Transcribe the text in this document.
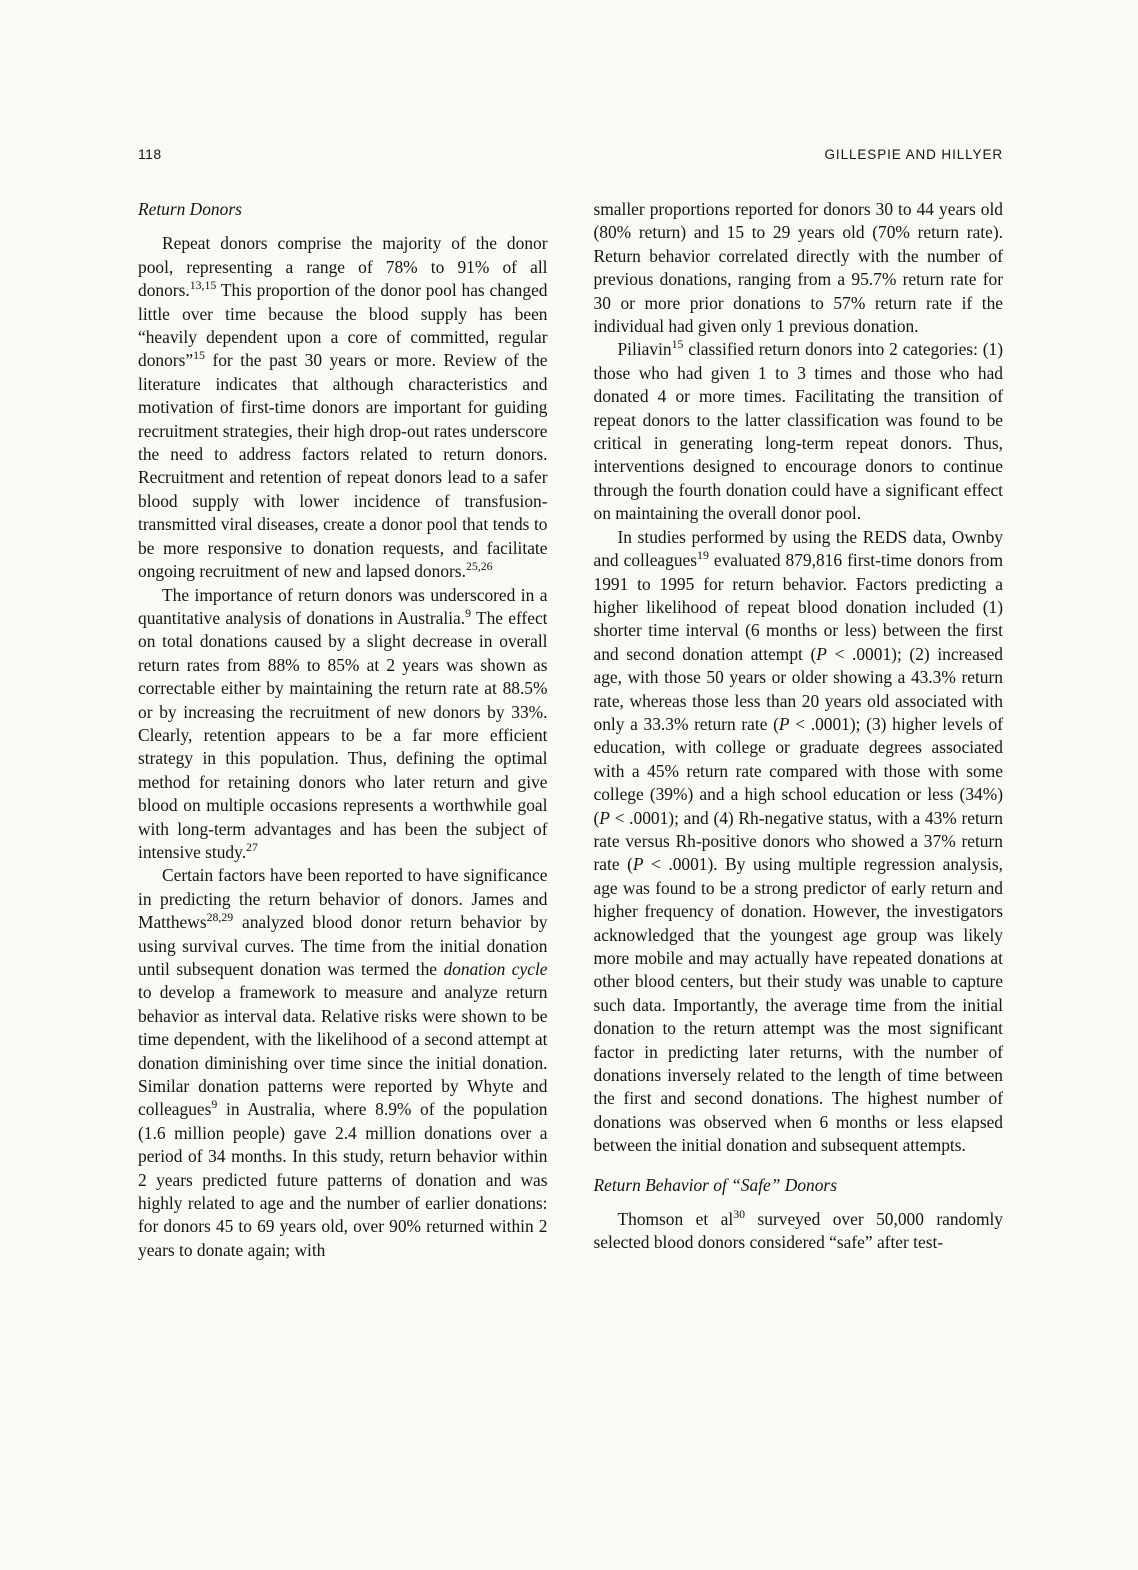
118	GILLESPIE AND HILLYER
Return Donors

Repeat donors comprise the majority of the donor pool, representing a range of 78% to 91% of all donors.$^{13,15}$ This proportion of the donor pool has changed little over time because the blood supply has been “heavily dependent upon a core of committed, regular donors”$^{15}$ for the past 30 years or more. Review of the literature indicates that although characteristics and motivation of first-time donors are important for guiding recruitment strategies, their high drop-out rates underscore the need to address factors related to return donors. Recruitment and retention of repeat donors lead to a safer blood supply with lower incidence of transfusion-transmitted viral diseases, create a donor pool that tends to be more responsive to donation requests, and facilitate ongoing recruitment of new and lapsed donors.$^{25,26}$

The importance of return donors was underscored in a quantitative analysis of donations in Australia.$^9$ The effect on total donations caused by a slight decrease in overall return rates from 88% to 85% at 2 years was shown as correctable either by maintaining the return rate at 88.5% or by increasing the recruitment of new donors by 33%. Clearly, retention appears to be a far more efficient strategy in this population. Thus, defining the optimal method for retaining donors who later return and give blood on multiple occasions represents a worthwhile goal with long-term advantages and has been the subject of intensive study.$^{27}$

Certain factors have been reported to have significance in predicting the return behavior of donors. James and Matthews$^{28,29}$ analyzed blood donor return behavior by using survival curves. The time from the initial donation until subsequent donation was termed the donation cycle to develop a framework to measure and analyze return behavior as interval data. Relative risks were shown to be time dependent, with the likelihood of a second attempt at donation diminishing over time since the initial donation. Similar donation patterns were reported by Whyte and colleagues$^9$ in Australia, where 8.9% of the population (1.6 million people) gave 2.4 million donations over a period of 34 months. In this study, return behavior within 2 years predicted future patterns of donation and was highly related to age and the number of earlier donations: for donors 45 to 69 years old, over 90% returned within 2 years to donate again; with

smaller proportions reported for donors 30 to 44 years old (80% return) and 15 to 29 years old (70% return rate). Return behavior correlated directly with the number of previous donations, ranging from a 95.7% return rate for 30 or more prior donations to 57% return rate if the individual had given only 1 previous donation.

Piliavin$^{15}$ classified return donors into 2 categories: (1) those who had given 1 to 3 times and those who had donated 4 or more times. Facilitating the transition of repeat donors to the latter classification was found to be critical in generating long-term repeat donors. Thus, interventions designed to encourage donors to continue through the fourth donation could have a significant effect on maintaining the overall donor pool.

In studies performed by using the REDS data, Ownby and colleagues$^{19}$ evaluated 879,816 first-time donors from 1991 to 1995 for return behavior. Factors predicting a higher likelihood of repeat blood donation included (1) shorter time interval (6 months or less) between the first and second donation attempt (P < .0001); (2) increased age, with those 50 years or older showing a 43.3% return rate, whereas those less than 20 years old associated with only a 33.3% return rate (P < .0001); (3) higher levels of education, with college or graduate degrees associated with a 45% return rate compared with those with some college (39%) and a high school education or less (34%) (P < .0001); and (4) Rh-negative status, with a 43% return rate versus Rh-positive donors who showed a 37% return rate (P < .0001). By using multiple regression analysis, age was found to be a strong predictor of early return and higher frequency of donation. However, the investigators acknowledged that the youngest age group was likely more mobile and may actually have repeated donations at other blood centers, but their study was unable to capture such data. Importantly, the average time from the initial donation to the return attempt was the most significant factor in predicting later returns, with the number of donations inversely related to the length of time between the first and second donations. The highest number of donations was observed when 6 months or less elapsed between the initial donation and subsequent attempts.

Return Behavior of “Safe” Donors

Thomson et $al^{30}$ surveyed over 50,000 randomly selected blood donors considered “safe” after test-
